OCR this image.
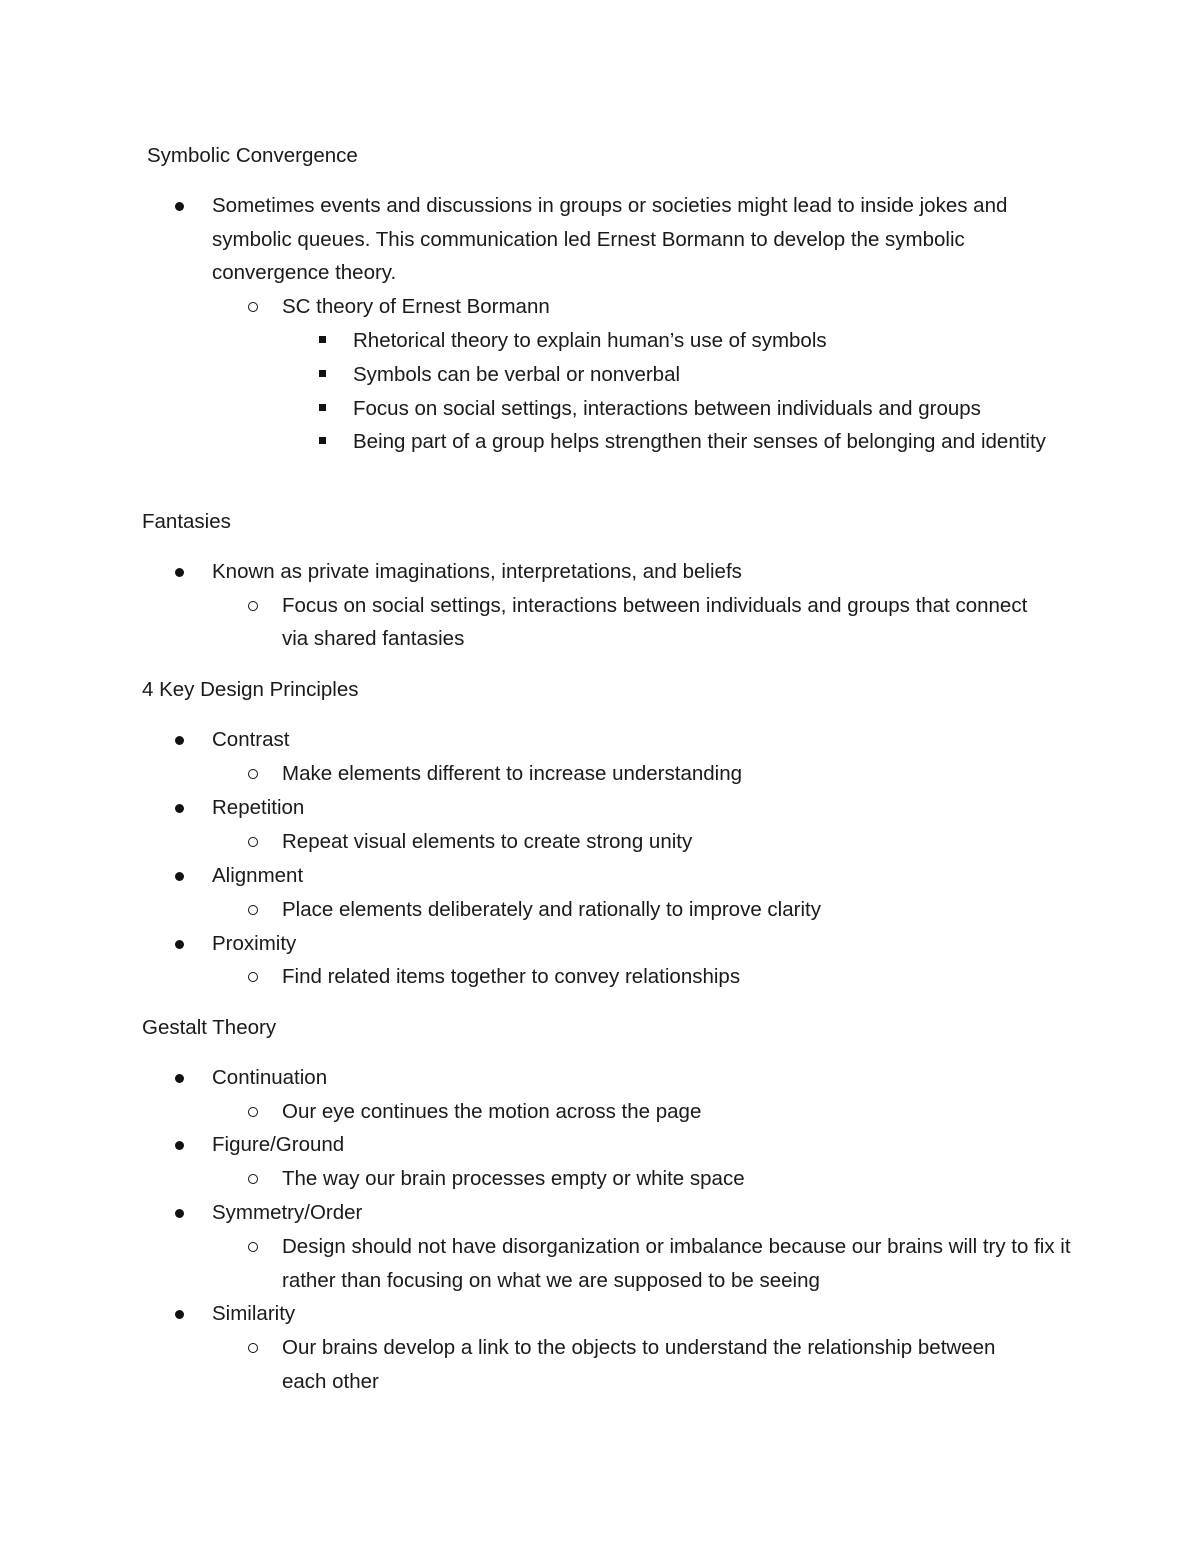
Symbolic Convergence
Sometimes events and discussions in groups or societies might lead to inside jokes and symbolic queues. This communication led Ernest Bormann to develop the symbolic convergence theory.
SC theory of Ernest Bormann
Rhetorical theory to explain human’s use of symbols
Symbols can be verbal or nonverbal
Focus on social settings, interactions between individuals and groups
Being part of a group helps strengthen their senses of belonging and identity
Fantasies
Known as private imaginations, interpretations, and beliefs
Focus on social settings, interactions between individuals and groups that connect via shared fantasies
4 Key Design Principles
Contrast
Make elements different to increase understanding
Repetition
Repeat visual elements to create strong unity
Alignment
Place elements deliberately and rationally to improve clarity
Proximity
Find related items together to convey relationships
Gestalt Theory
Continuation
Our eye continues the motion across the page
Figure/Ground
The way our brain processes empty or white space
Symmetry/Order
Design should not have disorganization or imbalance because our brains will try to fix it rather than focusing on what we are supposed to be seeing
Similarity
Our brains develop a link to the objects to understand the relationship between each other
